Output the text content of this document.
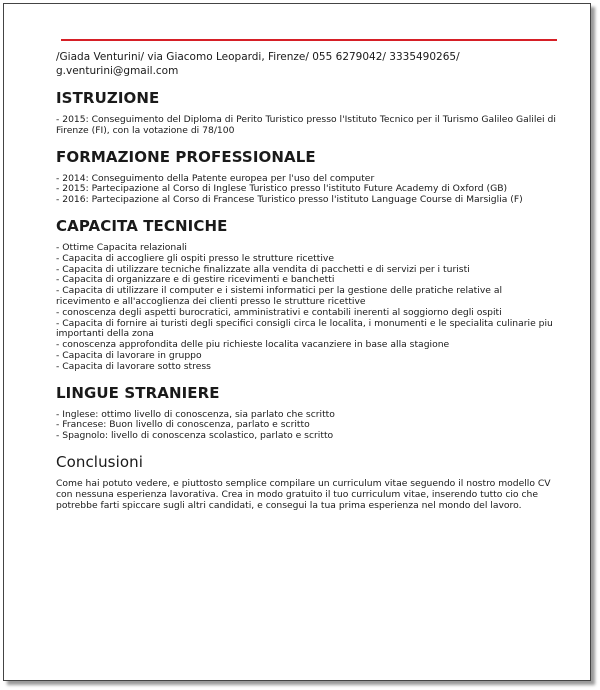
/Giada Venturini/ via Giacomo Leopardi, Firenze/ 055 6279042/ 3335490265/ g.venturini@gmail.com

ISTRUZIONE
- 2015: Conseguimento del Diploma di Perito Turistico presso l'Istituto Tecnico per il Turismo Galileo Galilei di Firenze (FI), con la votazione di 78/100
FORMAZIONE PROFESSIONALE
- 2014: Conseguimento della Patente europea per l'uso del computer
- 2015: Partecipazione al Corso di Inglese Turistico presso l'istituto Future Academy di Oxford (GB)
- 2016: Partecipazione al Corso di Francese Turistico presso l'istituto Language Course di Marsiglia (F)
CAPACITA TECNICHE
- Ottime Capacita relazionali
- Capacita di accogliere gli ospiti presso le strutture ricettive
- Capacita di utilizzare tecniche finalizzate alla vendita di pacchetti e di servizi per i turisti
- Capacita di organizzare e di gestire ricevimenti e banchetti
- Capacita di utilizzare il computer e i sistemi informatici per la gestione delle pratiche relative al ricevimento e all'accoglienza dei clienti presso le strutture ricettive
- conoscenza degli aspetti burocratici, amministrativi e contabili inerenti al soggiorno degli ospiti
- Capacita di fornire ai turisti degli specifici consigli circa le localita, i monumenti e le specialita culinarie piu importanti della zona
- conoscenza approfondita delle piu richieste localita vacanziere in base alla stagione
- Capacita di lavorare in gruppo
- Capacita di lavorare sotto stress
LINGUE STRANIERE
- Inglese: ottimo livello di conoscenza, sia parlato che scritto
- Francese: Buon livello di conoscenza, parlato e scritto
- Spagnolo: livello di conoscenza scolastico, parlato e scritto
Conclusioni

Come hai potuto vedere, e piuttosto semplice compilare un curriculum vitae seguendo il nostro modello CV con nessuna esperienza lavorativa. Crea in modo gratuito il tuo curriculum vitae, inserendo tutto cio che potrebbe farti spiccare sugli altri candidati, e consegui la tua prima esperienza nel mondo del lavoro.
